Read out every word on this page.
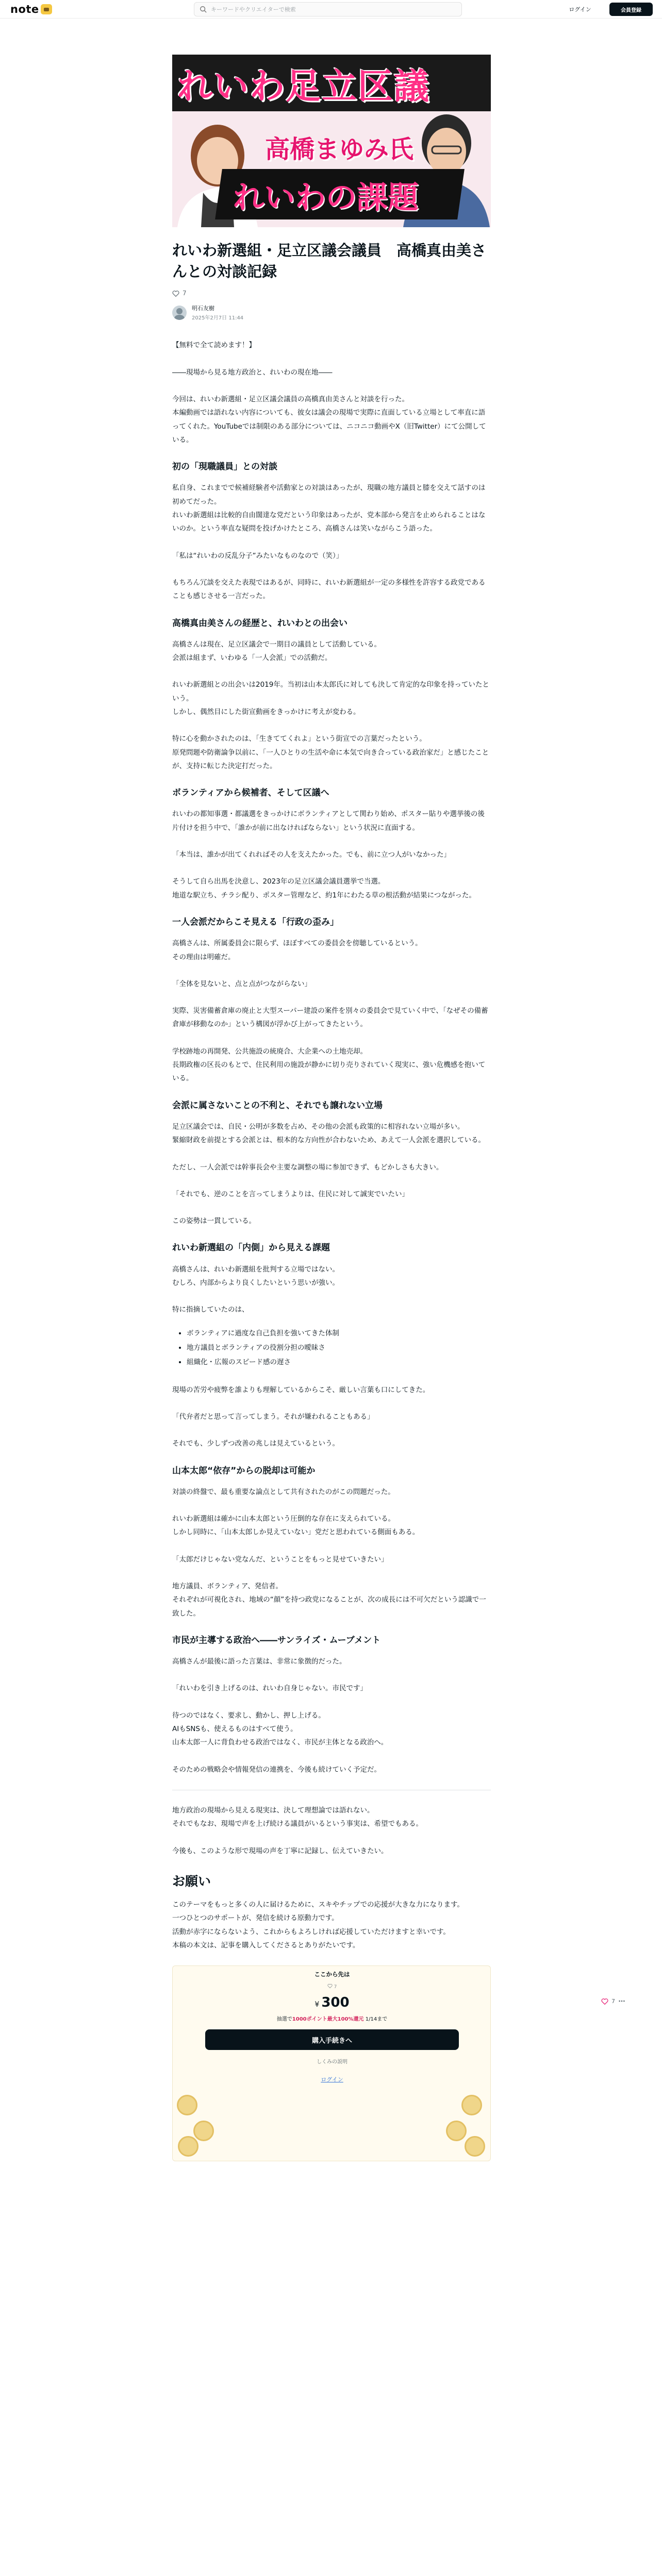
note
キーワードやクリエイターで検索	ログイン	会員登録
れいわ足立区議
高橋まゆみ氏
れいわの課題
れいわ新選組・足立区議会議員　高橋真由美さんとの対談記録
7
明石友樹
2025年2月7日 11:44

【無料で全て読めます！】

――現場から見る地方政治と、れいわの現在地――

今回は、れいわ新選組・足立区議会議員の高橋真由美さんと対談を行った。
本編動画では語れない内容についても、彼女は議会の現場で実際に直面している立場として率直に語ってくれた。YouTubeでは制限のある部分については、ニコニコ動画やX（旧Twitter）にて公開している。

初の「現職議員」との対談

私自身、これまでで候補経験者や活動家との対談はあったが、現職の地方議員と膝を交えて話すのは初めてだった。
れいわ新選組は比較的自由闊達な党だという印象はあったが、党本部から発言を止められることはないのか。という率直な疑問を投げかけたところ、高橋さんは笑いながらこう語った。

「私は“れいわの反乱分子”みたいなものなので（笑）」

もちろん冗談を交えた表現ではあるが、同時に、れいわ新選組が一定の多様性を許容する政党であることも感じさせる一言だった。

高橋真由美さんの経歴と、れいわとの出会い

高橋さんは現在、足立区議会で一期目の議員として活動している。
会派は組まず、いわゆる「一人会派」での活動だ。

れいわ新選組との出会いは2019年。当初は山本太郎氏に対しても決して肯定的な印象を持っていたという。
しかし、偶然目にした街宣動画をきっかけに考えが変わる。

特に心を動かされたのは、「生きててくれよ」という街宣での言葉だったという。
原発問題や防衛論争以前に、「一人ひとりの生活や命に本気で向き合っている政治家だ」と感じたことが、支持に転じた決定打だった。

ボランティアから候補者、そして区議へ

れいわの都知事選・都議選をきっかけにボランティアとして関わり始め、ポスター貼りや選挙後の後片付けを担う中で、「誰かが前に出なければならない」という状況に直面する。

「本当は、誰かが出てくれればその人を支えたかった。でも、前に立つ人がいなかった」

そうして自ら出馬を決意し、2023年の足立区議会議員選挙で当選。
地道な駅立ち、チラシ配り、ポスター管理など、約1年にわたる草の根活動が結果につながった。

一人会派だからこそ見える「行政の歪み」

高橋さんは、所属委員会に限らず、ほぼすべての委員会を傍聴しているという。
その理由は明確だ。

「全体を見ないと、点と点がつながらない」

実際、災害備蓄倉庫の廃止と大型スーパー建設の案件を別々の委員会で見ていく中で、「なぜその備蓄倉庫が移動なのか」という構図が浮かび上がってきたという。

学校跡地の再開発、公共施設の統廃合、大企業への土地売却。
長期政権の区長のもとで、住民利用の施設が静かに切り売りされていく現実に、強い危機感を抱いている。

会派に属さないことの不利と、それでも譲れない立場

足立区議会では、自民・公明が多数を占め、その他の会派も政策的に相容れない立場が多い。
緊縮財政を前提とする会派とは、根本的な方向性が合わないため、あえて一人会派を選択している。

ただし、一人会派では幹事長会や主要な調整の場に参加できず、もどかしさも大きい。

「それでも、逆のことを言ってしまうよりは、住民に対して誠実でいたい」

この姿勢は一貫している。

れいわ新選組の「内側」から見える課題

高橋さんは、れいわ新選組を批判する立場ではない。
むしろ、内部からより良くしたいという思いが強い。

特に指摘していたのは、

• ボランティアに過度な自己負担を強いてきた体制
• 地方議員とボランティアの役割分担の曖昧さ
• 組織化・広報のスピード感の遅さ

現場の苦労や疲弊を誰よりも理解しているからこそ、厳しい言葉も口にしてきた。

「代弁者だと思って言ってしまう。それが嫌われることもある」

それでも、少しずつ改善の兆しは見えているという。

山本太郎“依存”からの脱却は可能か

対談の終盤で、最も重要な論点として共有されたのがこの問題だった。

れいわ新選組は確かに山本太郎という圧倒的な存在に支えられている。
しかし同時に、「山本太郎しか見えていない」党だと思われている側面もある。

「太郎だけじゃない党なんだ、ということをもっと見せていきたい」

地方議員、ボランティア、発信者。
それぞれが可視化され、地域の“顔”を持つ政党になることが、次の成長には不可欠だという認識で一致した。

市民が主導する政治へ――サンライズ・ムーブメント

高橋さんが最後に語った言葉は、非常に象徴的だった。

「れいわを引き上げるのは、れいわ自身じゃない。市民です」

待つのではなく、要求し、動かし、押し上げる。
AIもSNSも、使えるものはすべて使う。
山本太郎一人に背負わせる政治ではなく、市民が主体となる政治へ。

そのための戦略会や情報発信の連携を、今後も続けていく予定だ。

地方政治の現場から見える現実は、決して理想論では語れない。
それでもなお、現場で声を上げ続ける議員がいるという事実は、希望でもある。

今後も、このような形で現場の声を丁寧に記録し、伝えていきたい。

お願い

このテーマをもっと多くの人に届けるために、スキやチップでの応援が大きな力になります。
一つひとつのサポートが、発信を続ける原動力です。
活動が赤字にならないよう、これからもよろしければ応援していただけますと幸いです。
本稿の本文は、記事を購入してくださるとありがたいです。

ここから先は
7
¥ 300
抽選で1000ポイント最大100%還元 1/14まで
購入手続きへ
しくみの説明
ログイン
7
